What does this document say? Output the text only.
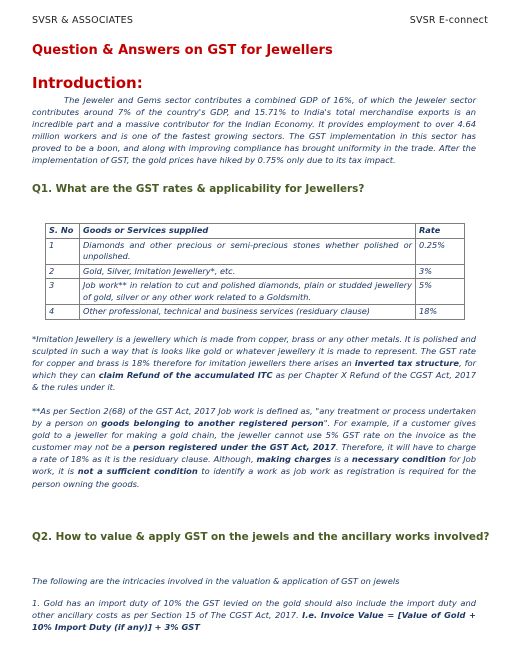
SVSR & ASSOCIATES	SVSR E-connect
Question & Answers on GST for Jewellers
Introduction:
The Jeweler and Gems sector contributes a combined GDP of 16%, of which the Jeweler sector contributes around 7% of the country's GDP, and 15.71% to India's total merchandise exports is an incredible part and a massive contributor for the Indian Economy. It provides employment to over 4.64 million workers and is one of the fastest growing sectors. The GST implementation in this sector has proved to be a boon, and along with improving compliance has brought uniformity in the trade. After the implementation of GST, the gold prices have hiked by 0.75% only due to its tax impact.
Q1. What are the GST rates & applicability for Jewellers?
S. No	Goods or Services supplied	Rate
1	Diamonds and other precious or semi-precious stones whether polished or unpolished.	0.25%
2	Gold, Silver, Imitation Jewellery*, etc.	3%
3	Job work** in relation to cut and polished diamonds, plain or studded jewellery of gold, silver or any other work related to a Goldsmith.	5%
4	Other professional, technical and business services (residuary clause)	18%
*Imitation Jewellery is a jewellery which is made from copper, brass or any other metals. It is polished and sculpted in such a way that is looks like gold or whatever jewellery it is made to represent. The GST rate for copper and brass is 18% therefore for imitation jewellers there arises an inverted tax structure, for which they can claim Refund of the accumulated ITC as per Chapter X Refund of the CGST Act, 2017 & the rules under it.
**As per Section 2(68) of the GST Act, 2017 Job work is defined as, "any treatment or process undertaken by a person on goods belonging to another registered person". For example, if a customer gives gold to a jeweller for making a gold chain, the jeweller cannot use 5% GST rate on the invoice as the customer may not be a person registered under the GST Act, 2017. Therefore, it will have to charge a rate of 18% as it is the residuary clause. Although, making charges is a necessary condition for Job work, it is not a sufficient condition to identify a work as job work as registration is required for the person owning the goods.
Q2. How to value & apply GST on the jewels and the ancillary works involved?
The following are the intricacies involved in the valuation & application of GST on jewels
1. Gold has an import duty of 10% the GST levied on the gold should also include the import duty and other ancillary costs as per Section 15 of The CGST Act, 2017. I.e. Invoice Value = [Value of Gold + 10% Import Duty (if any)] + 3% GST
